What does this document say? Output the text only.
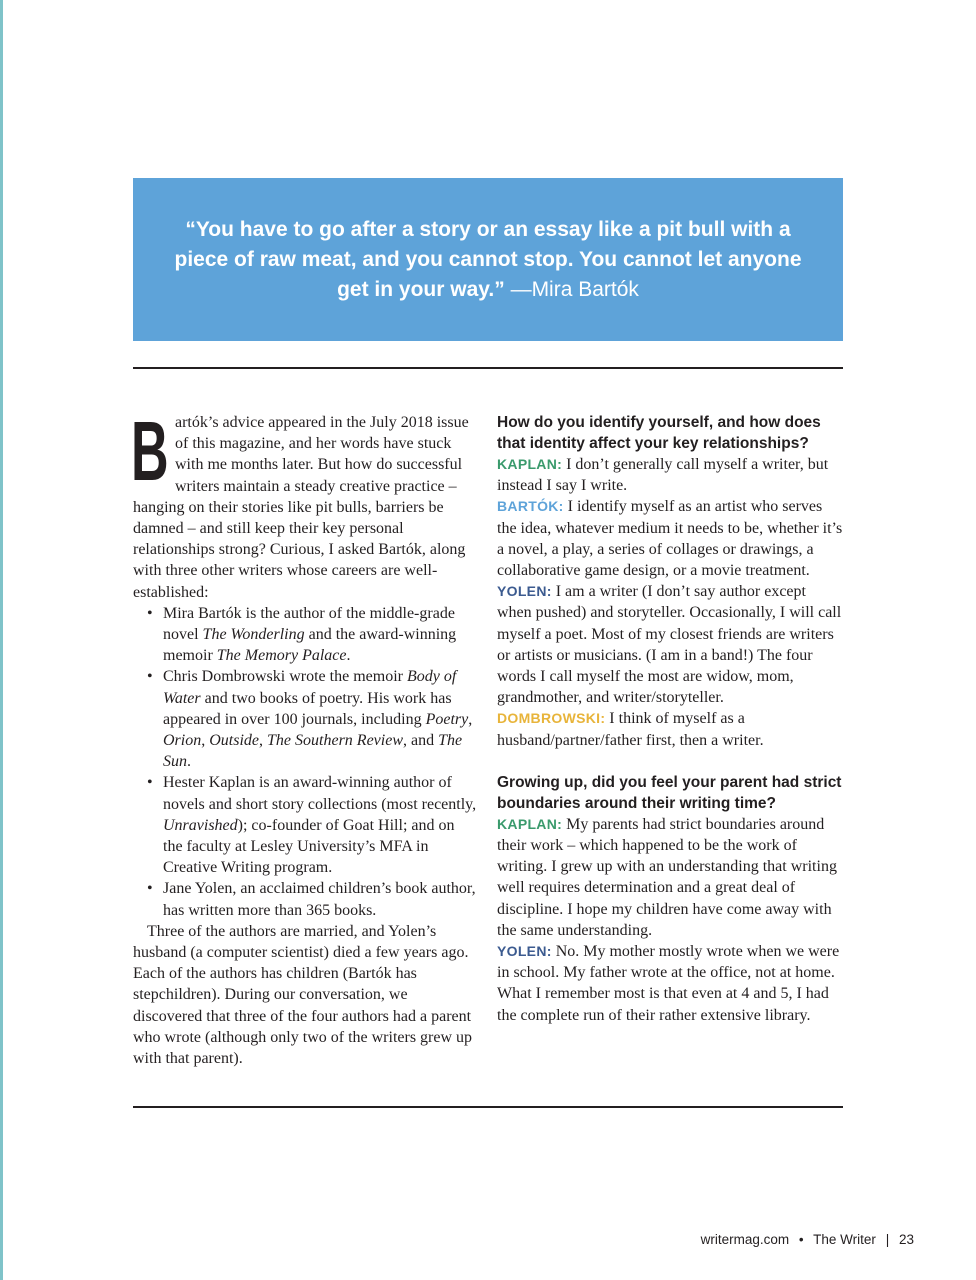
“You have to go after a story or an essay like a pit bull with a piece of raw meat, and you cannot stop. You cannot let anyone get in your way.” —Mira Bartók
B artók’s advice appeared in the July 2018 issue of this magazine, and her words have stuck with me months later. But how do successful writers maintain a steady creative practice – hanging on their stories like pit bulls, barriers be damned – and still keep their key personal relationships strong? Curious, I asked Bartók, along with three other writers whose careers are well-established:

• Mira Bartók is the author of the middle-grade novel The Wonderling and the award-winning memoir The Memory Palace.
• Chris Dombrowski wrote the memoir Body of Water and two books of poetry. His work has appeared in over 100 journals, including Poetry, Orion, Outside, The Southern Review, and The Sun.
• Hester Kaplan is an award-winning author of novels and short story collections (most recently, Unravished); co-founder of Goat Hill; and on the faculty at Lesley University’s MFA in Creative Writing program.
• Jane Yolen, an acclaimed children’s book author, has written more than 365 books.

Three of the authors are married, and Yolen’s husband (a computer scientist) died a few years ago. Each of the authors has children (Bartók has stepchildren). During our conversation, we discovered that three of the four authors had a parent who wrote (although only two of the writers grew up with that parent).

How do you identify yourself, and how does that identity affect your key relationships?

KAPLAN: I don’t generally call myself a writer, but instead I say I write.

BARTÓK: I identify myself as an artist who serves the idea, whatever medium it needs to be, whether it’s a novel, a play, a series of collages or drawings, a collaborative game design, or a movie treatment.

YOLEN: I am a writer (I don’t say author except when pushed) and storyteller. Occasionally, I will call myself a poet. Most of my closest friends are writers or artists or musicians. (I am in a band!) The four words I call myself the most are widow, mom, grandmother, and writer/storyteller.

DOMBROWSKI: I think of myself as a husband/partner/father first, then a writer.

Growing up, did you feel your parent had strict boundaries around their writing time?

KAPLAN: My parents had strict boundaries around their work – which happened to be the work of writing. I grew up with an understanding that writing well requires determination and a great deal of discipline. I hope my children have come away with the same understanding.

YOLEN: No. My mother mostly wrote when we were in school. My father wrote at the office, not at home. What I remember most is that even at 4 and 5, I had the complete run of their rather extensive library.

writermag.com • The Writer | 23
